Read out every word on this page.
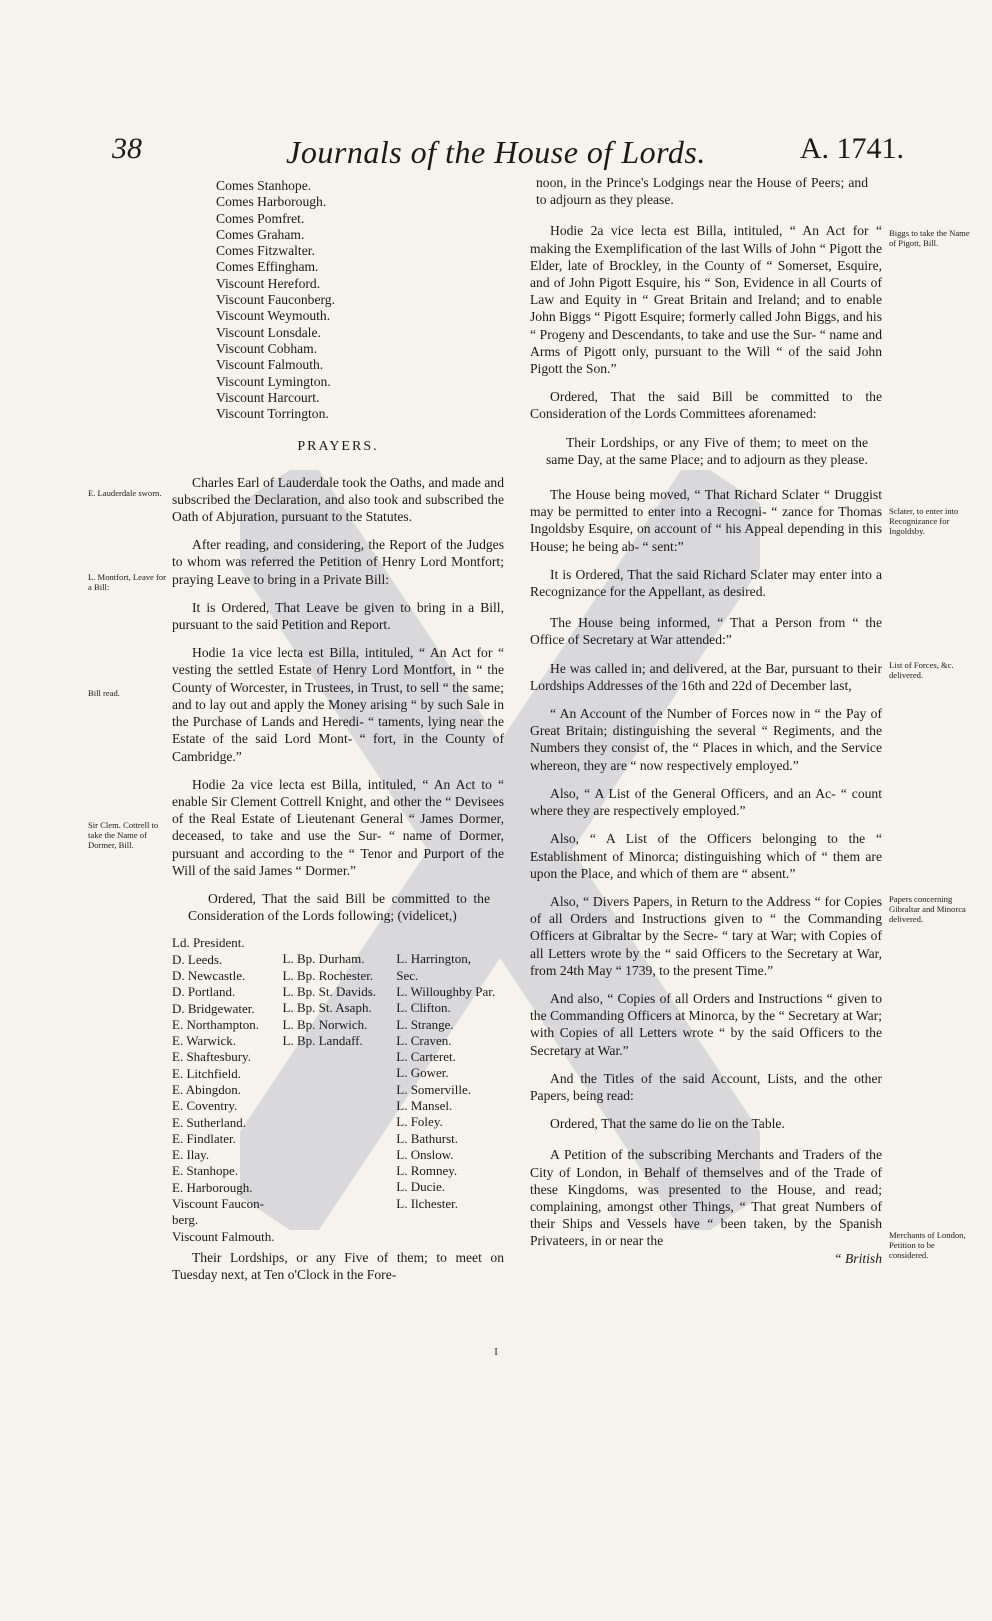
38	Journals of the House of Lords.	A. 1741.
E. Lauderdale sworn.
L. Montfort, Leave for a Bill:
Bill read.
Sir Clem. Cottrell to take the Name of Dormer, Bill.
Biggs to take the Name of Pigott, Bill.
Sclater, to enter into Recognizance for Ingoldsby.
List of Forces, &c. delivered.
Papers concerning Gibraltar and Minorca delivered.
Merchants of London, Petition to be considered.
Comes Stanhope.
Comes Harborough.
Comes Pomfret.
Comes Graham.
Comes Fitzwalter.
Comes Effingham.
Viscount Hereford.
Viscount Fauconberg.
Viscount Weymouth.
Viscount Lonsdale.
Viscount Cobham.
Viscount Falmouth.
Viscount Lymington.
Viscount Harcourt.
Viscount Torrington.
PRAYERS.

Charles Earl of Lauderdale took the Oaths, and made and subscribed the Declaration, and also took and subscribed the Oath of Abjuration, pursuant to the Statutes.

After reading, and considering, the Report of the Judges to whom was referred the Petition of Henry Lord Montfort; praying Leave to bring in a Private Bill:

It is Ordered, That Leave be given to bring in a Bill, pursuant to the said Petition and Report.

Hodie 1a vice lecta est Billa, intituled, “ An Act for “ vesting the settled Estate of Henry Lord Montfort, in “ the County of Worcester, in Trustees, in Trust, to sell “ the same; and to lay out and apply the Money arising “ by such Sale in the Purchase of Lands and Heredi- “ taments, lying near the Estate of the said Lord Mont- “ fort, in the County of Cambridge.”

Hodie 2a vice lecta est Billa, intituled, “ An Act to “ enable Sir Clement Cottrell Knight, and other the “ Devisees of the Real Estate of Lieutenant General “ James Dormer, deceased, to take and use the Sur- “ name of Dormer, pursuant and according to the “ Tenor and Purport of the Will of the said James “ Dormer.”

Ordered, That the said Bill be committed to the Consideration of the Lords following; (videlicet,)

Ld. President.
D. Leeds.
D. Newcastle.
D. Portland.
D. Bridgewater.
E. Northampton.
E. Warwick.
E. Shaftesbury.
E. Litchfield.
E. Abingdon.
E. Coventry.
E. Sutherland.
E. Findlater.
E. Ilay.
E. Stanhope.
E. Harborough.
Viscount Faucon-
berg.
Viscount Falmouth.
L. Bp. Durham.
L. Bp. Rochester.
L. Bp. St. Davids.
L. Bp. St. Asaph.
L. Bp. Norwich.
L. Bp. Landaff.
L. Harrington,
Sec.
L. Willoughby Par.
L. Clifton.
L. Strange.
L. Craven.
L. Carteret.
L. Gower.
L. Somerville.
L. Mansel.
L. Foley.
L. Bathurst.
L. Onslow.
L. Romney.
L. Ducie.
L. Ilchester.

Their Lordships, or any Five of them; to meet on Tuesday next, at Ten o'Clock in the Fore-

noon, in the Prince's Lodgings near the House of Peers; and to adjourn as they please.

Hodie 2a vice lecta est Billa, intituled, “ An Act for “ making the Exemplification of the last Wills of John “ Pigott the Elder, late of Brockley, in the County of “ Somerset, Esquire, and of John Pigott Esquire, his “ Son, Evidence in all Courts of Law and Equity in “ Great Britain and Ireland; and to enable John Biggs “ Pigott Esquire; formerly called John Biggs, and his “ Progeny and Descendants, to take and use the Sur- “ name and Arms of Pigott only, pursuant to the Will “ of the said John Pigott the Son.”

Ordered, That the said Bill be committed to the Consideration of the Lords Committees aforenamed:

Their Lordships, or any Five of them; to meet on the same Day, at the same Place; and to adjourn as they please.

The House being moved, “ That Richard Sclater “ Druggist may be permitted to enter into a Recogni- “ zance for Thomas Ingoldsby Esquire, on account of “ his Appeal depending in this House; he being ab- “ sent:”

It is Ordered, That the said Richard Sclater may enter into a Recognizance for the Appellant, as desired.

The House being informed, “ That a Person from “ the Office of Secretary at War attended:”

He was called in; and delivered, at the Bar, pursuant to their Lordships Addresses of the 16th and 22d of December last,

“ An Account of the Number of Forces now in “ the Pay of Great Britain; distinguishing the several “ Regiments, and the Numbers they consist of, the “ Places in which, and the Service whereon, they are “ now respectively employed.”

Also, “ A List of the General Officers, and an Ac- “ count where they are respectively employed.”

Also, “ A List of the Officers belonging to the “ Establishment of Minorca; distinguishing which of “ them are upon the Place, and which of them are “ absent.”

Also, “ Divers Papers, in Return to the Address “ for Copies of all Orders and Instructions given to “ the Commanding Officers at Gibraltar by the Secre- “ tary at War; with Copies of all Letters wrote by the “ said Officers to the Secretary at War, from 24th May “ 1739, to the present Time.”

And also, “ Copies of all Orders and Instructions “ given to the Commanding Officers at Minorca, by the “ Secretary at War; with Copies of all Letters wrote “ by the said Officers to the Secretary at War.”

And the Titles of the said Account, Lists, and the other Papers, being read:

Ordered, That the same do lie on the Table.

A Petition of the subscribing Merchants and Traders of the City of London, in Behalf of themselves and of the Trade of these Kingdoms, was presented to the House, and read; complaining, amongst other Things, “ That great Numbers of their Ships and Vessels have “ been taken, by the Spanish Privateers, in or near the

“ British
I
